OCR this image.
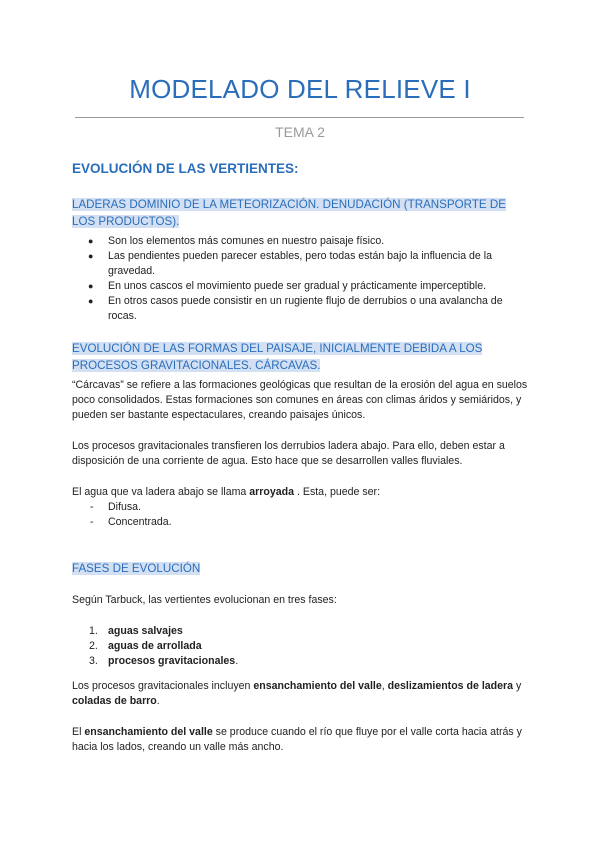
MODELADO DEL RELIEVE I
TEMA 2
EVOLUCIÓN DE LAS VERTIENTES:
LADERAS DOMINIO DE LA METEORIZACIÓN. DENUDACIÓN (TRANSPORTE DE LOS PRODUCTOS).
● Son los elementos más comunes en nuestro paisaje físico.
● Las pendientes pueden parecer estables, pero todas están bajo la influencia de la gravedad.
● En unos cascos el movimiento puede ser gradual y prácticamente imperceptible.
● En otros casos puede consistir en un rugiente flujo de derrubios o una avalancha de rocas.
EVOLUCIÓN DE LAS FORMAS DEL PAISAJE, INICIALMENTE DEBIDA A LOS PROCESOS GRAVITACIONALES. CÁRCAVAS.

“Cárcavas” se refiere a las formaciones geológicas que resultan de la erosión del agua en suelos poco consolidados. Estas formaciones son comunes en áreas con climas áridos y semiáridos, y pueden ser bastante espectaculares, creando paisajes únicos.

Los procesos gravitacionales transfieren los derrubios ladera abajo. Para ello, deben estar a disposición de una corriente de agua. Esto hace que se desarrollen valles fluviales.

El agua que va ladera abajo se llama arroyada . Esta, puede ser:

- Difusa.
- Concentrada.
FASES DE EVOLUCIÓN

Según Tarbuck, las vertientes evolucionan en tres fases:

1. aguas salvajes
2. aguas de arrollada
3. procesos gravitacionales.

Los procesos gravitacionales incluyen ensanchamiento del valle, deslizamientos de ladera y coladas de barro.

El ensanchamiento del valle se produce cuando el río que fluye por el valle corta hacia atrás y hacia los lados, creando un valle más ancho.
